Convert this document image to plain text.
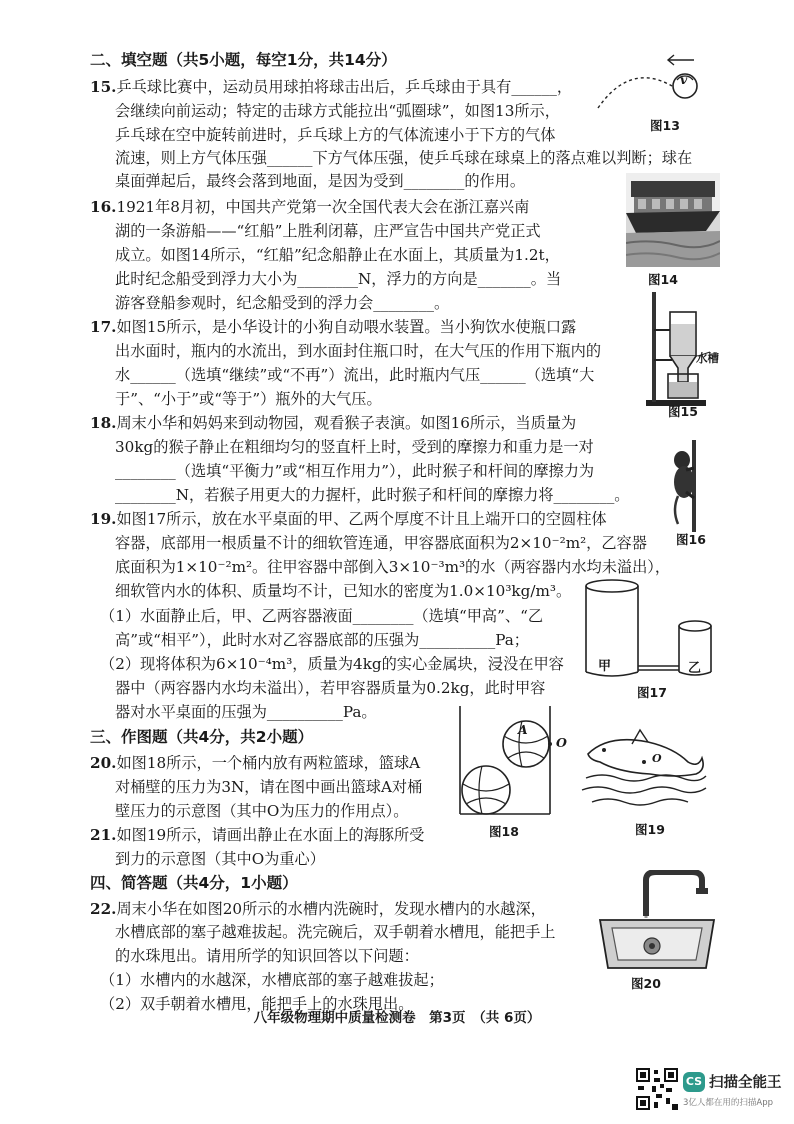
二、填空题（共5小题，每空1分，共14分）
15.乒乓球比赛中，运动员用球拍将球击出后，乒乓球由于具有______，
会继续向前运动；特定的击球方式能拉出“弧圈球”，如图13所示，
乒乓球在空中旋转前进时，乒乓球上方的气体流速小于下方的气体
流速，则上方气体压强______下方气体压强，使乒乓球在球桌上的落点难以判断；球在
桌面弹起后，最终会落到地面，是因为受到________的作用。
v
图13
16.1921年8月初，中国共产党第一次全国代表大会在浙江嘉兴南
湖的一条游船——“红船”上胜利闭幕，庄严宣告中国共产党正式
成立。如图14所示，“红船”纪念船静止在水面上，其质量为1.2t，
此时纪念船受到浮力大小为________N，浮力的方向是_______。当
游客登船参观时，纪念船受到的浮力会________。
图14
17.如图15所示，是小华设计的小狗自动喂水装置。当小狗饮水使瓶口露
出水面时，瓶内的水流出，到水面封住瓶口时，在大气压的作用下瓶内的
水______（选填“继续”或“不再”）流出，此时瓶内气压______（选填“大
于”、“小于”或“等于”）瓶外的大气压。
水槽
图15
18.周末小华和妈妈来到动物园，观看猴子表演。如图16所示，当质量为
30kg的猴子静止在粗细均匀的竖直杆上时，受到的摩擦力和重力是一对
________（选填“平衡力”或“相互作用力”），此时猴子和杆间的摩擦力为
________N，若猴子用更大的力握杆，此时猴子和杆间的摩擦力将________。
图16
19.如图17所示，放在水平桌面的甲、乙两个厚度不计且上端开口的空圆柱体
容器，底部用一根质量不计的细软管连通，甲容器底面积为2×10⁻²m²，乙容器
底面积为1×10⁻²m²。往甲容器中部倒入3×10⁻³m³的水（两容器内水均未溢出），
细软管内水的体积、质量均不计，已知水的密度为1.0×10³kg/m³。
（1）水面静止后，甲、乙两容器液面________（选填“甲高”、“乙
高”或“相平”），此时水对乙容器底部的压强为__________Pa；
（2）现将体积为6×10⁻⁴m³，质量为4kg的实心金属块，浸没在甲容
器中（两容器内水均未溢出），若甲容器质量为0.2kg，此时甲容
器对水平桌面的压强为__________Pa。
甲	乙
图17
三、作图题（共4分，共2小题）
20.如图18所示，一个桶内放有两粒篮球，篮球A
对桶壁的压力为3N，请在图中画出篮球A对桶
壁压力的示意图（其中O为压力的作用点）。
21.如图19所示，请画出静止在水面上的海豚所受
到力的示意图（其中O为重心）
A
O
图18
O
图19
四、简答题（共4分，1小题）
22.周末小华在如图20所示的水槽内洗碗时，发现水槽内的水越深，
水槽底部的塞子越难拔起。洗完碗后，双手朝着水槽甩，能把手上
的水珠甩出。请用所学的知识回答以下问题：
（1）水槽内的水越深，水槽底部的塞子越难拔起；
（2）双手朝着水槽甩，能把手上的水珠甩出。
图20
八年级物理期中质量检测卷　第3页　（共 6页）
CS 扫描全能王
3亿人都在用的扫描App
